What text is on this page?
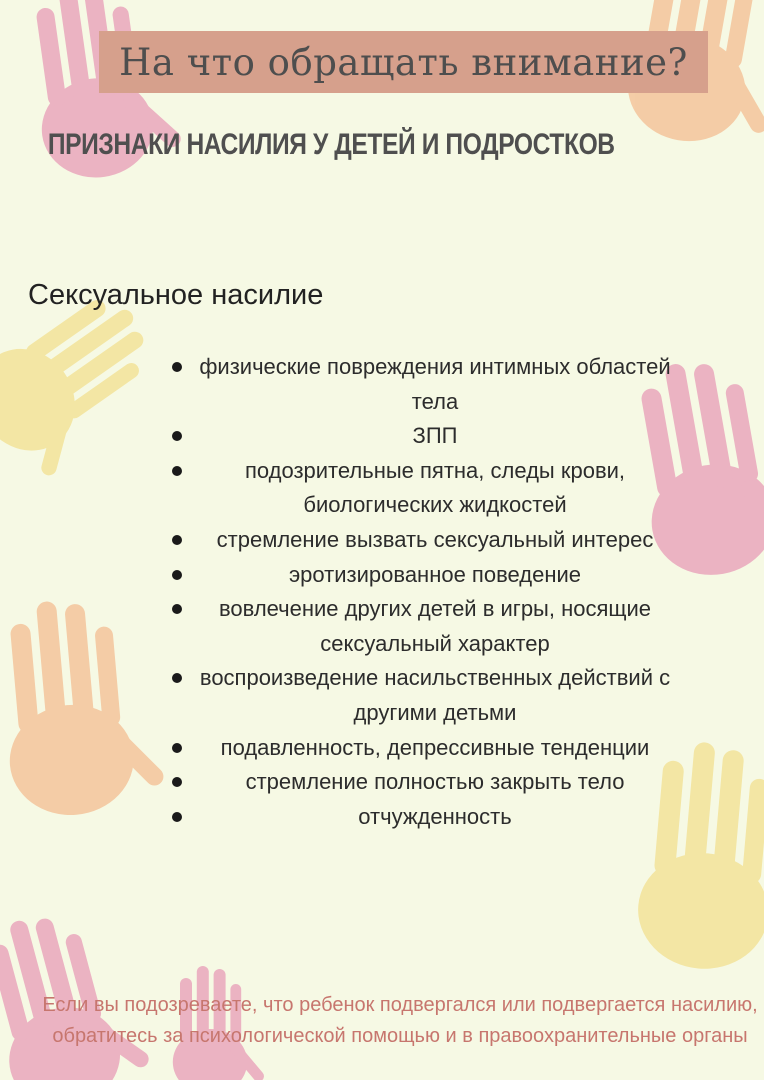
На что обращать внимание?
ПРИЗНАКИ НАСИЛИЯ У ДЕТЕЙ И ПОДРОСТКОВ
Сексуальное насилие
физические повреждения интимных областей тела
ЗПП
подозрительные пятна, следы крови, биологических жидкостей
стремление вызвать сексуальный интерес
эротизированное поведение
вовлечение других детей в игры, носящие сексуальный характер
воспроизведение насильственных действий с другими детьми
подавленность, депрессивные тенденции
стремление полностью закрыть тело
отчужденность
Если вы подозреваете, что ребенок подвергался или подвергается насилию, обратитесь за психологической помощью и в правоохранительные органы
